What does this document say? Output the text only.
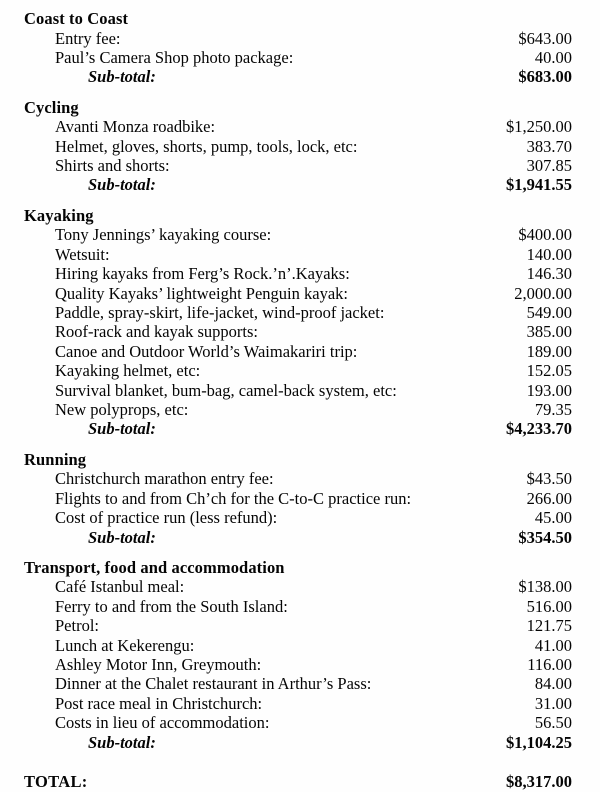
Coast to Coast
Entry fee:	$643.00
Paul’s Camera Shop photo package:	40.00
Sub-total:	$683.00
Cycling
Avanti Monza roadbike:	$1,250.00
Helmet, gloves, shorts, pump, tools, lock, etc:	383.70
Shirts and shorts:	307.85
Sub-total:	$1,941.55
Kayaking
Tony Jennings’ kayaking course:	$400.00
Wetsuit:	140.00
Hiring kayaks from Ferg’s Rock.’n’.Kayaks:	146.30
Quality Kayaks’ lightweight Penguin kayak:	2,000.00
Paddle, spray-skirt, life-jacket, wind-proof jacket:	549.00
Roof-rack and kayak supports:	385.00
Canoe and Outdoor World’s Waimakariri trip:	189.00
Kayaking helmet, etc:	152.05
Survival blanket, bum-bag, camel-back system, etc:	193.00
New polyprops, etc:	79.35
Sub-total:	$4,233.70
Running
Christchurch marathon entry fee:	$43.50
Flights to and from Ch’ch for the C-to-C practice run:	266.00
Cost of practice run (less refund):	45.00
Sub-total:	$354.50
Transport, food and accommodation
Café Istanbul meal:	$138.00
Ferry to and from the South Island:	516.00
Petrol:	121.75
Lunch at Kekerengu:	41.00
Ashley Motor Inn, Greymouth:	116.00
Dinner at the Chalet restaurant in Arthur’s Pass:	84.00
Post race meal in Christchurch:	31.00
Costs in lieu of accommodation:	56.50
Sub-total:	$1,104.25
TOTAL:	$8,317.00
